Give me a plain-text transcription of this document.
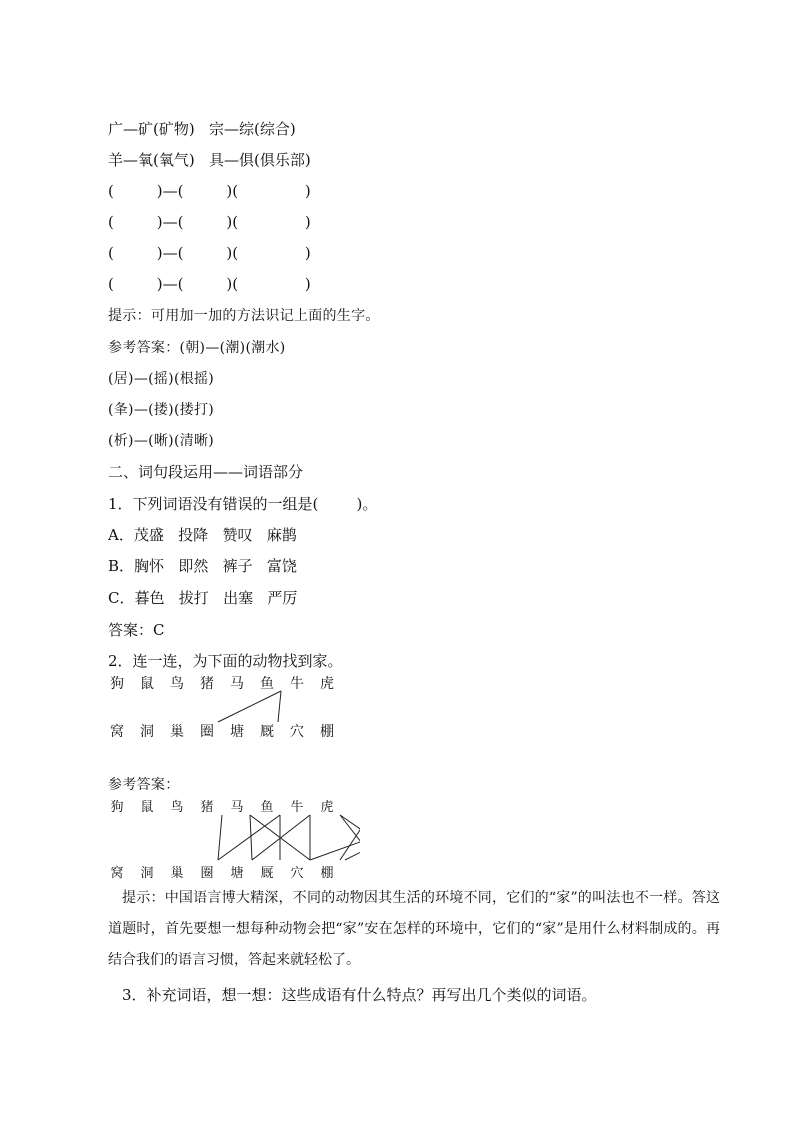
广—矿(矿物)   宗—综(综合)
羊—氧(氧气)   具—俱(俱乐部)
(         )—(         )(              )
(         )—(         )(              )
(         )—(         )(              )
(         )—(         )(              )
提示：可用加一加的方法识记上面的生字。
参考答案：(朝)—(潮)(潮水)
(居)—(摇)(根摇)
(夆)—(搂)(搂打)
(析)—(晰)(清晰)
二、词句段运用——词语部分
1．下列词语没有错误的一组是(        )。
A．茂盛   投降   赞叹   麻鹊
B．胸怀   即然   裤子   富饶
C．暮色   拔打   出塞   严厉
答案：C
2．连一连，为下面的动物找到家。
狗 鼠 鸟 猪 马 鱼 牛 虎
窝 洞 巢 圈 塘 厩 穴 棚
参考答案：
狗 鼠 鸟 猪 马 鱼 牛 虎
窝 洞 巢 圈 塘 厩 穴 棚
提示：中国语言博大精深，不同的动物因其生活的环境不同，它们的“家”的叫法也不一样。答这道题时，首先要想一想每种动物会把“家”安在怎样的环境中，它们的“家”是用什么材料制成的。再结合我们的语言习惯，答起来就轻松了。
3．补充词语，想一想：这些成语有什么特点？再写出几个类似的词语。
